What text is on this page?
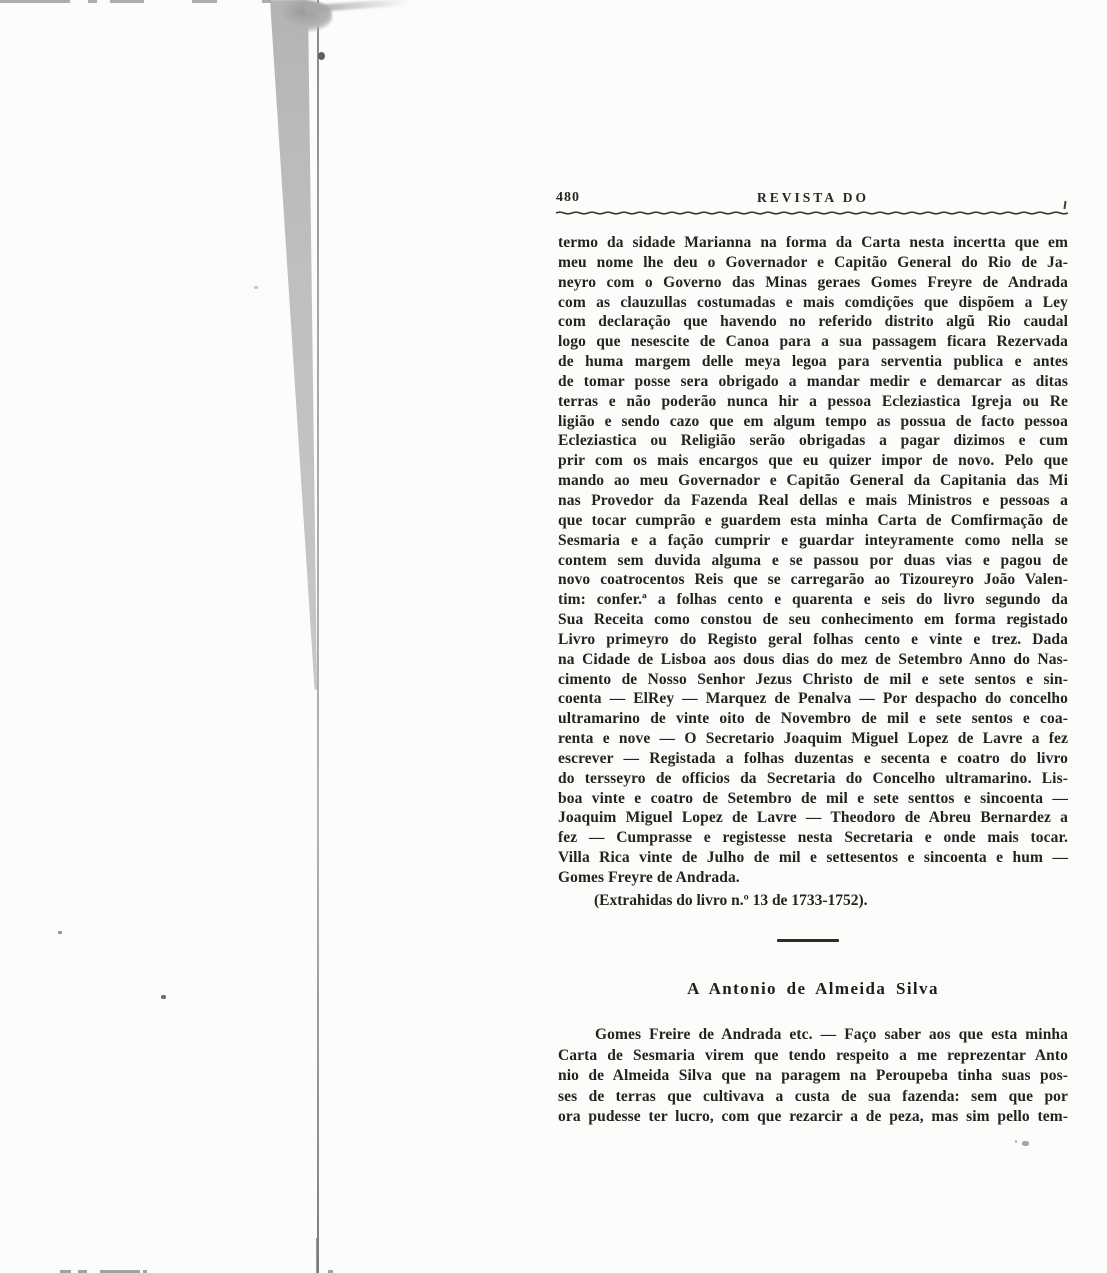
480	REVISTA DO
termo da sidade Marianna na forma da Carta nesta incertta que em
meu nome lhe deu o Governador e Capitão General do Rio de Ja-
neyro com o Governo das Minas geraes Gomes Freyre de Andrada
com as clauzullas costumadas e mais comdições que dispõem a Ley
com declaração que havendo no referido distrito algũ Rio caudal
logo que nesescite de Canoa para a sua passagem ficara Rezervada
de huma margem delle meya legoa para serventia publica e antes
de tomar posse sera obrigado a mandar medir e demarcar as ditas
terras e não poderão nunca hir a pessoa Ecleziastica Igreja ou Re
ligião e sendo cazo que em algum tempo as possua de facto pessoa
Ecleziastica ou Religião serão obrigadas a pagar dizimos e cum
prir com os mais encargos que eu quizer impor de novo. Pelo que
mando ao meu Governador e Capitão General da Capitania das Mi
nas Provedor da Fazenda Real dellas e mais Ministros e pessoas a
que tocar cumprão e guardem esta minha Carta de Comfirmação de
Sesmaria e a fação cumprir e guardar inteyramente como nella se
contem sem duvida alguma e se passou por duas vias e pagou de
novo coatrocentos Reis que se carregarão ao Tizoureyro João Valen-
tim: confer.ª a folhas cento e quarenta e seis do livro segundo da
Sua Receita como constou de seu conhecimento em forma registado
Livro primeyro do Registo geral folhas cento e vinte e trez. Dada
na Cidade de Lisboa aos dous dias do mez de Setembro Anno do Nas-
cimento de Nosso Senhor Jezus Christo de mil e sete sentos e sin-
coenta — ElRey — Marquez de Penalva — Por despacho do concelho
ultramarino de vinte oito de Novembro de mil e sete sentos e coa-
renta e nove — O Secretario Joaquim Miguel Lopez de Lavre a fez
escrever — Registada a folhas duzentas e secenta e coatro do livro
do tersseyro de officios da Secretaria do Concelho ultramarino. Lis-
boa vinte e coatro de Setembro de mil e sete senttos e sincoenta —
Joaquim Miguel Lopez de Lavre — Theodoro de Abreu Bernardez a
fez — Cumprasse e registesse nesta Secretaria e onde mais tocar.
Villa Rica vinte de Julho de mil e settesentos e sincoenta e hum —
Gomes Freyre de Andrada.
(Extrahidas do livro n.º 13 de 1733-1752).
A Antonio de Almeida Silva
Gomes Freire de Andrada etc. — Faço saber aos que esta minha
Carta de Sesmaria virem que tendo respeito a me reprezentar Anto
nio de Almeida Silva que na paragem na Peroupeba tinha suas pos-
ses de terras que cultivava a custa de sua fazenda: sem que por
ora pudesse ter lucro, com que rezarcir a de peza, mas sim pello tem-
